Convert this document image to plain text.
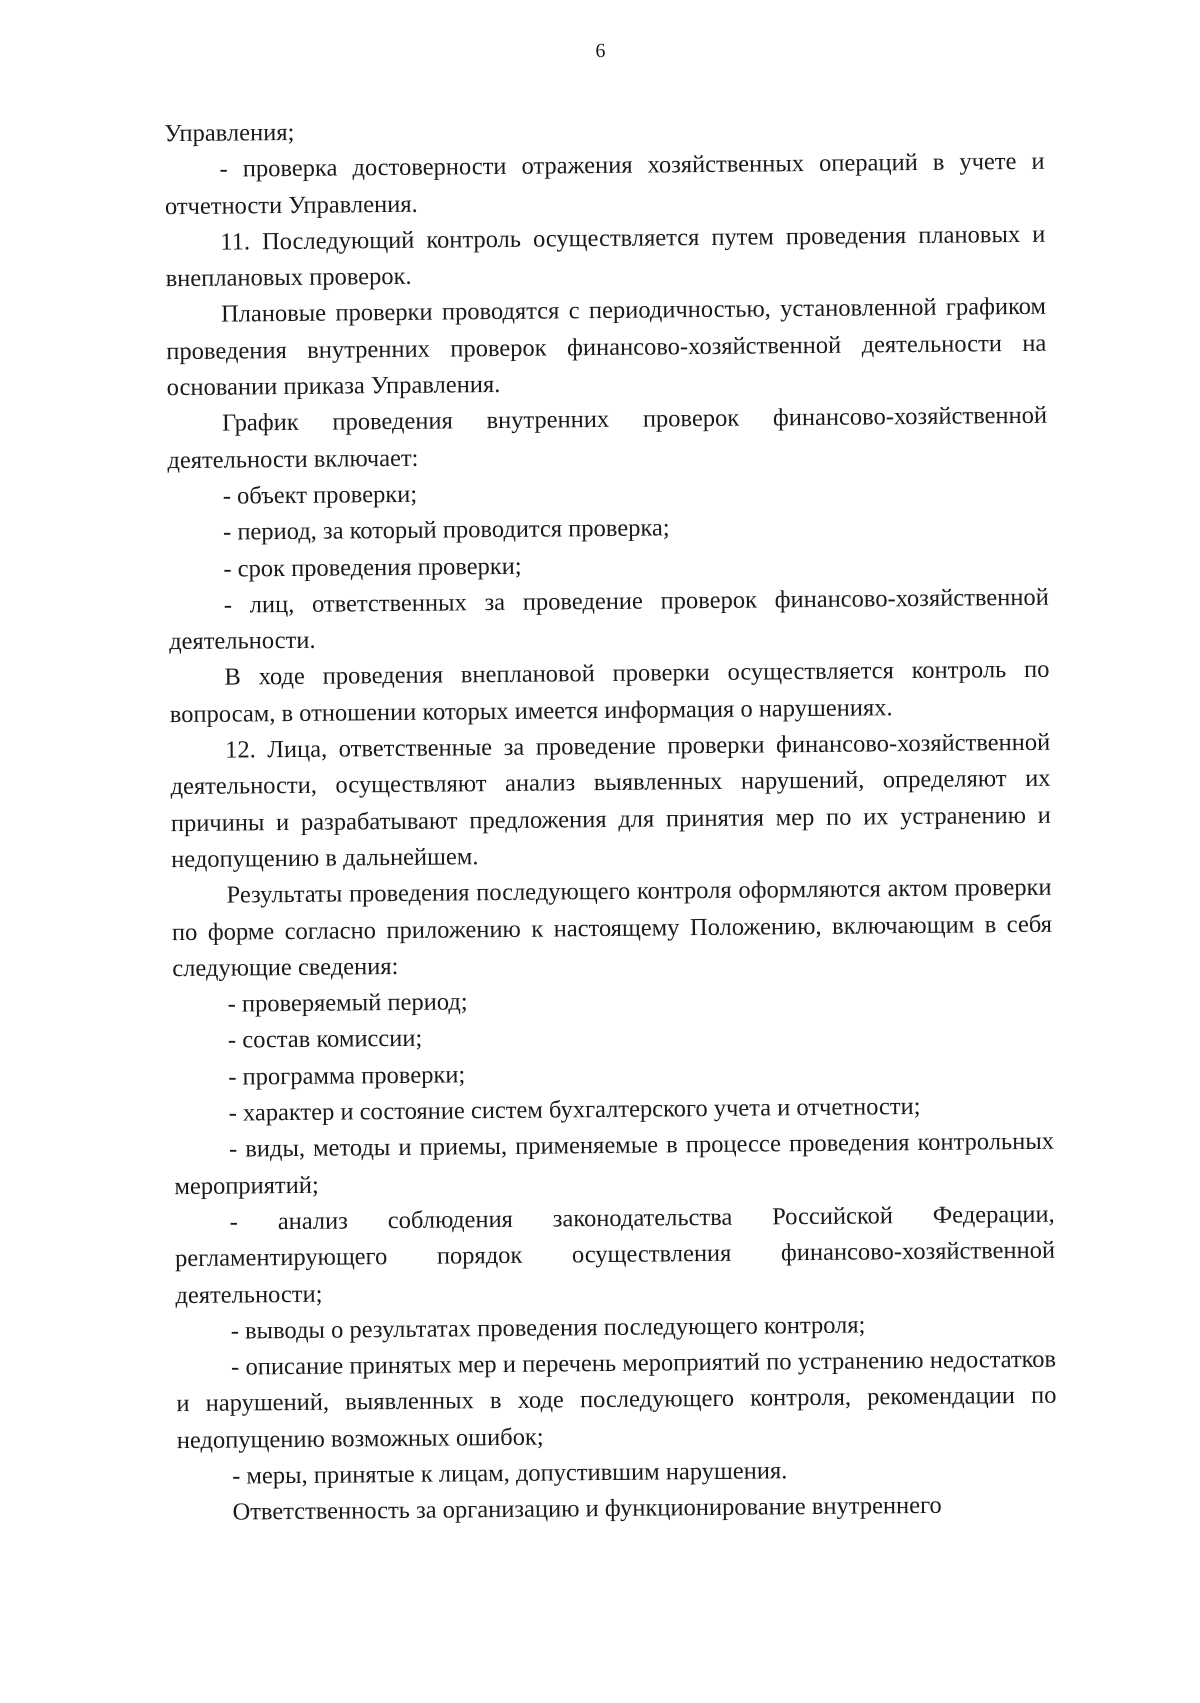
6

Управления;

- проверка достоверности отражения хозяйственных операций в учете и отчетности Управления.

11. Последующий контроль осуществляется путем проведения плановых и внеплановых проверок.

Плановые проверки проводятся с периодичностью, установленной графиком проведения внутренних проверок финансово-хозяйственной деятельности на основании приказа Управления.

График проведения внутренних проверок финансово-хозяйственной деятельности включает:

- объект проверки;

- период, за который проводится проверка;

- срок проведения проверки;

- лиц, ответственных за проведение проверок финансово-хозяйственной деятельности.

В ходе проведения внеплановой проверки осуществляется контроль по вопросам, в отношении которых имеется информация о нарушениях.

12. Лица, ответственные за проведение проверки финансово-хозяйственной деятельности, осуществляют анализ выявленных нарушений, определяют их причины и разрабатывают предложения для принятия мер по их устранению и недопущению в дальнейшем.

Результаты проведения последующего контроля оформляются актом проверки по форме согласно приложению к настоящему Положению, включающим в себя следующие сведения:

- проверяемый период;

- состав комиссии;

- программа проверки;

- характер и состояние систем бухгалтерского учета и отчетности;

- виды, методы и приемы, применяемые в процессе проведения контрольных мероприятий;

- анализ соблюдения законодательства Российской Федерации, регламентирующего порядок осуществления финансово-хозяйственной деятельности;

- выводы о результатах проведения последующего контроля;

- описание принятых мер и перечень мероприятий по устранению недостатков и нарушений, выявленных в ходе последующего контроля, рекомендации по недопущению возможных ошибок;

- меры, принятые к лицам, допустившим нарушения.

Ответственность за организацию и функционирование внутреннего
